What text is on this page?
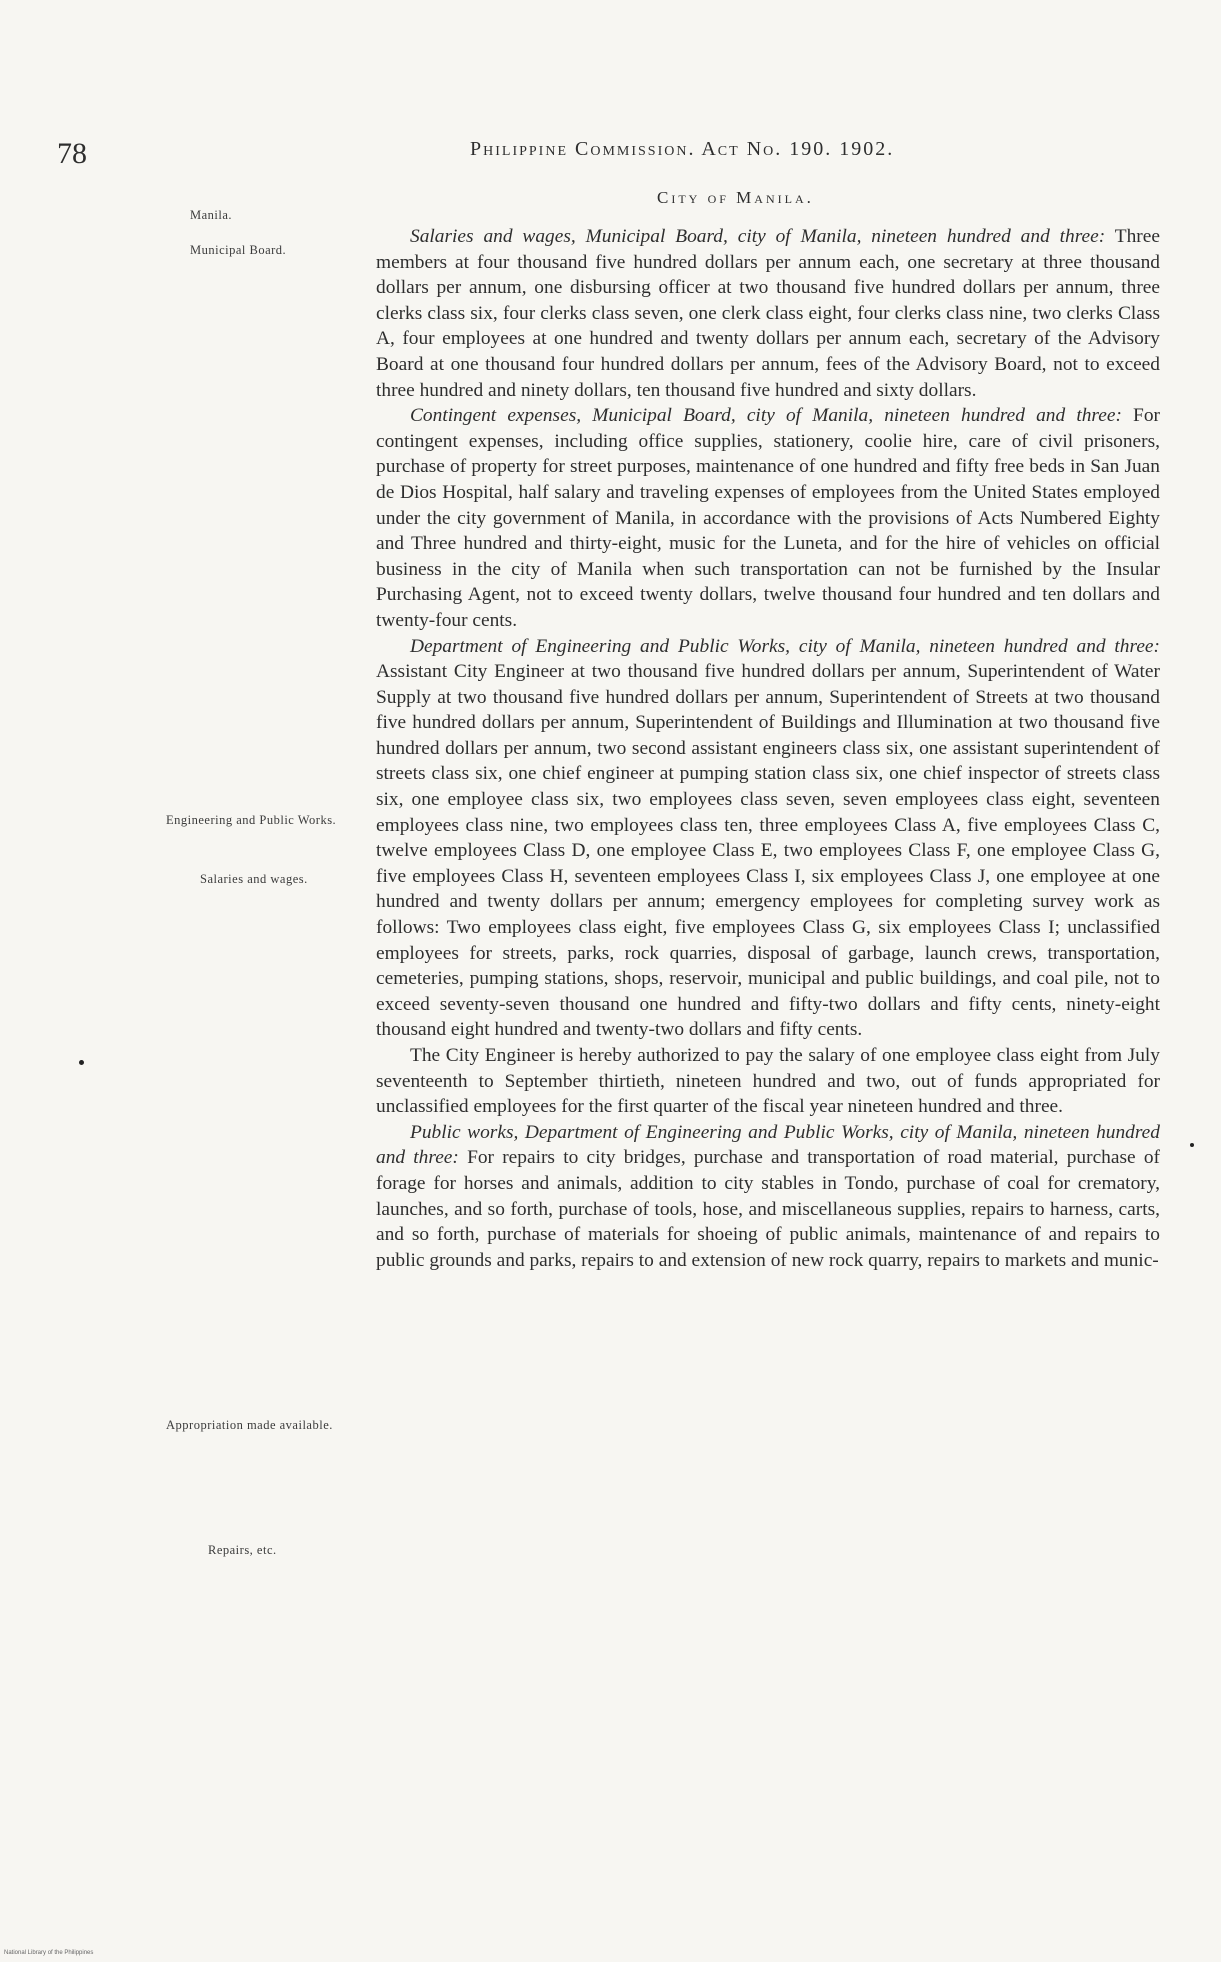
78	Philippine Commission. Act No. 190. 1902.
City of Manila.
Manila.
Municipal Board.
Engineering and Public Works.
Salaries and wages.
Appropriation made available.
Repairs, etc.

Salaries and wages, Municipal Board, city of Manila, nineteen hundred and three: Three members at four thousand five hundred dollars per annum each, one secretary at three thousand dollars per annum, one disbursing officer at two thousand five hundred dollars per annum, three clerks class six, four clerks class seven, one clerk class eight, four clerks class nine, two clerks Class A, four employees at one hundred and twenty dollars per annum each, secretary of the Advisory Board at one thousand four hundred dollars per annum, fees of the Advisory Board, not to exceed three hundred and ninety dollars, ten thousand five hundred and sixty dollars.

Contingent expenses, Municipal Board, city of Manila, nineteen hundred and three: For contingent expenses, including office supplies, stationery, coolie hire, care of civil prisoners, purchase of property for street purposes, maintenance of one hundred and fifty free beds in San Juan de Dios Hospital, half salary and traveling expenses of employees from the United States employed under the city government of Manila, in accordance with the provisions of Acts Numbered Eighty and Three hundred and thirty-eight, music for the Luneta, and for the hire of vehicles on official business in the city of Manila when such transportation can not be furnished by the Insular Purchasing Agent, not to exceed twenty dollars, twelve thousand four hundred and ten dollars and twenty-four cents.

Department of Engineering and Public Works, city of Manila, nineteen hundred and three: Assistant City Engineer at two thousand five hundred dollars per annum, Superintendent of Water Supply at two thousand five hundred dollars per annum, Superintendent of Streets at two thousand five hundred dollars per annum, Superintendent of Buildings and Illumination at two thousand five hundred dollars per annum, two second assistant engineers class six, one assistant superintendent of streets class six, one chief engineer at pumping station class six, one chief inspector of streets class six, one employee class six, two employees class seven, seven employees class eight, seventeen employees class nine, two employees class ten, three employees Class A, five employees Class C, twelve employees Class D, one employee Class E, two employees Class F, one employee Class G, five employees Class H, seventeen employees Class I, six employees Class J, one employee at one hundred and twenty dollars per annum; emergency employees for completing survey work as follows: Two employees class eight, five employees Class G, six employees Class I; unclassified employees for streets, parks, rock quarries, disposal of garbage, launch crews, transportation, cemeteries, pumping stations, shops, reservoir, municipal and public buildings, and coal pile, not to exceed seventy-seven thousand one hundred and fifty-two dollars and fifty cents, ninety-eight thousand eight hundred and twenty-two dollars and fifty cents.

The City Engineer is hereby authorized to pay the salary of one employee class eight from July seventeenth to September thirtieth, nineteen hundred and two, out of funds appropriated for unclassified employees for the first quarter of the fiscal year nineteen hundred and three.

Public works, Department of Engineering and Public Works, city of Manila, nineteen hundred and three: For repairs to city bridges, purchase and transportation of road material, purchase of forage for horses and animals, addition to city stables in Tondo, purchase of coal for crematory, launches, and so forth, purchase of tools, hose, and miscellaneous supplies, repairs to harness, carts, and so forth, purchase of materials for shoeing of public animals, maintenance of and repairs to public grounds and parks, repairs to and extension of new rock quarry, repairs to markets and munic-

National Library of the Philippines
